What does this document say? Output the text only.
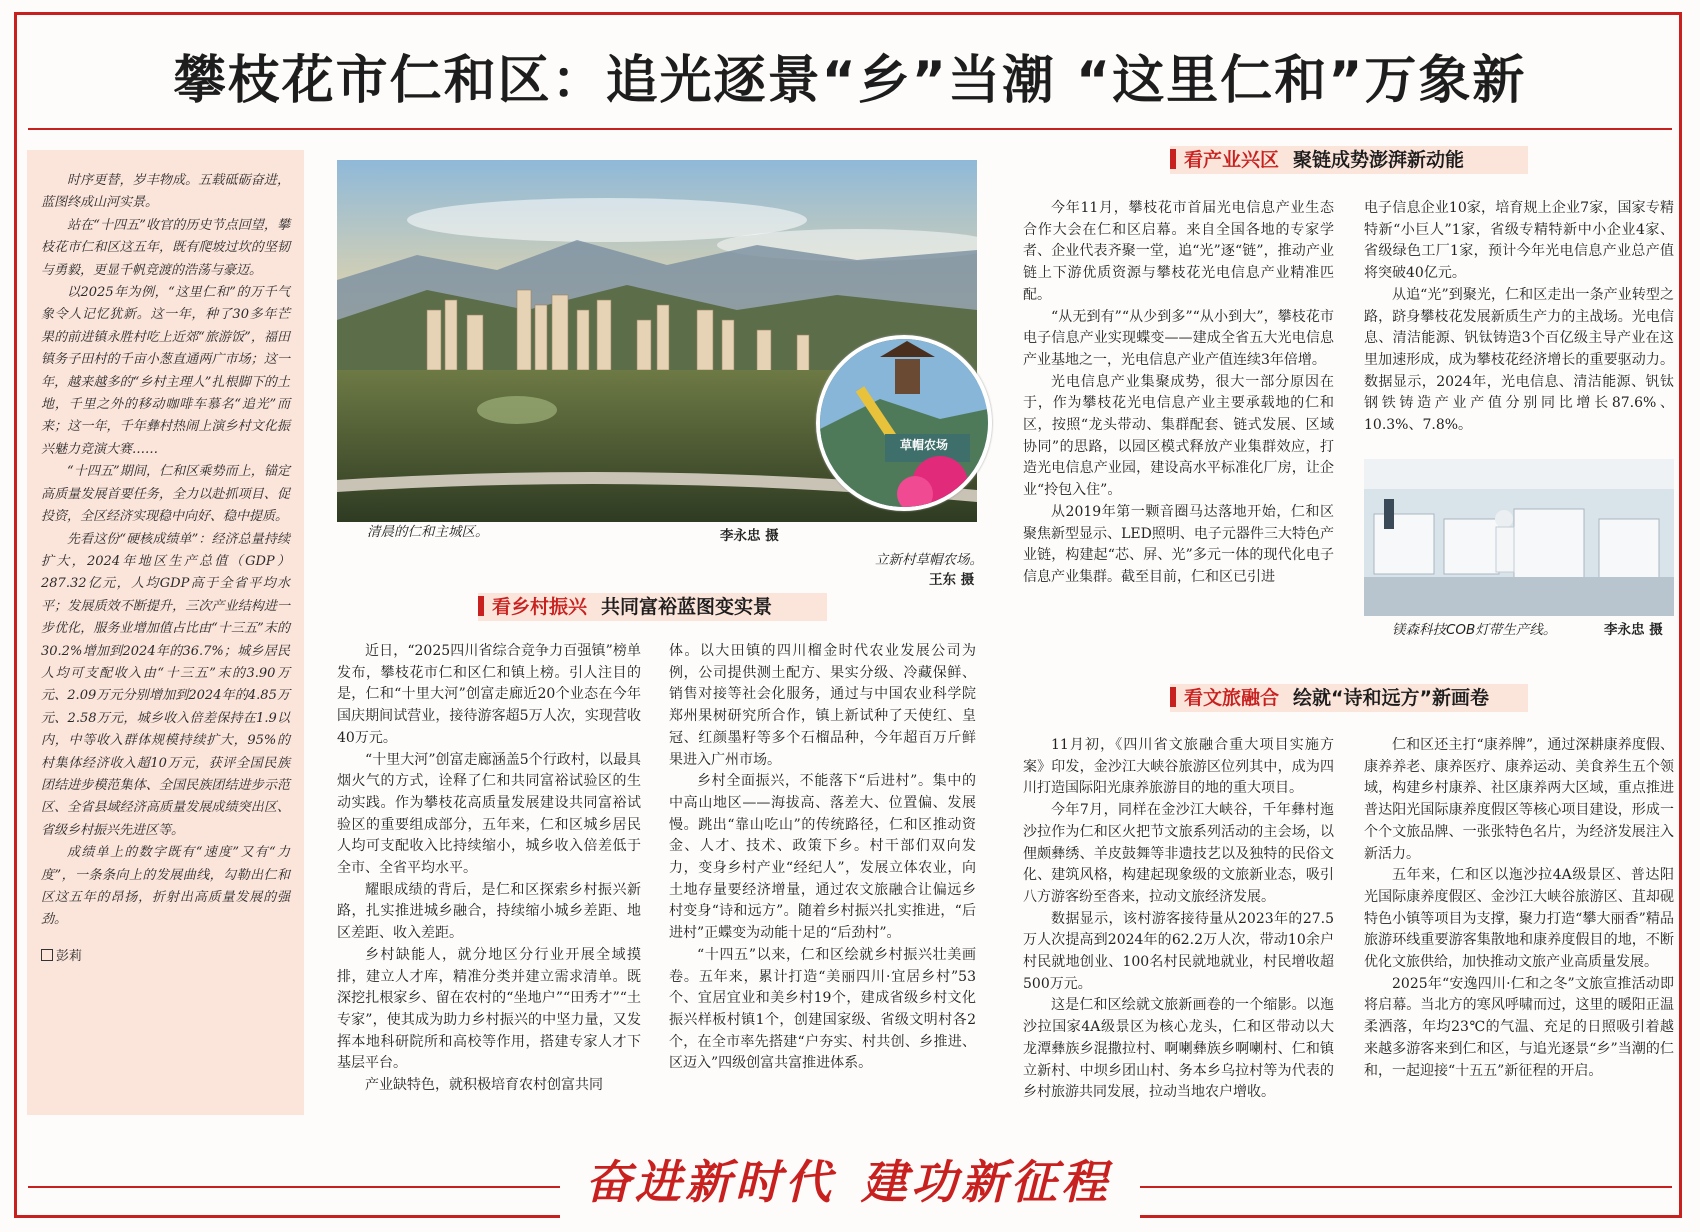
攀枝花市仁和区：追光逐景“乡”当潮 “这里仁和”万象新

时序更替，岁丰物成。五载砥砺奋进，蓝图终成山河实景。

站在“十四五”收官的历史节点回望，攀枝花市仁和区这五年，既有爬坡过坎的坚韧与勇毅，更显千帆竞渡的浩荡与豪迈。

以2025年为例，“这里仁和”的万千气象令人记忆犹新。这一年，种了30多年芒果的前进镇永胜村吃上近郊“旅游饭”，福田镇务子田村的千亩小葱直通两广市场；这一年，越来越多的“乡村主理人”扎根脚下的土地，千里之外的移动咖啡车慕名“追光”而来；这一年，千年彝村热闹上演乡村文化振兴魅力竞演大赛……

“十四五”期间，仁和区乘势而上，锚定高质量发展首要任务，全力以赴抓项目、促投资，全区经济实现稳中向好、稳中提质。

先看这份“硬核成绩单”：经济总量持续扩大，2024年地区生产总值（GDP）287.32亿元，人均GDP高于全省平均水平；发展质效不断提升，三次产业结构进一步优化，服务业增加值占比由“十三五”末的30.2%增加到2024年的36.7%；城乡居民人均可支配收入由“十三五”末的3.90万元、2.09万元分别增加到2024年的4.85万元、2.58万元，城乡收入倍差保持在1.9以内，中等收入群体规模持续扩大，95%的村集体经济收入超10万元，获评全国民族团结进步模范集体、全国民族团结进步示范区、全省县域经济高质量发展成绩突出区、省级乡村振兴先进区等。

成绩单上的数字既有“速度”又有“力度”，一条条向上的发展曲线，勾勒出仁和区这五年的昂扬，折射出高质量发展的强劲。

彭莉

清晨的仁和主城区。	李永忠 摄
草帽农场
立新村草帽农场。
王东 摄
看乡村振兴 共同富裕蓝图变实景

近日，“2025四川省综合竞争力百强镇”榜单发布，攀枝花市仁和区仁和镇上榜。引人注目的是，仁和“十里大河”创富走廊近20个业态在今年国庆期间试营业，接待游客超5万人次，实现营收40万元。

“十里大河”创富走廊涵盖5个行政村，以最具烟火气的方式，诠释了仁和共同富裕试验区的生动实践。作为攀枝花高质量发展建设共同富裕试验区的重要组成部分，五年来，仁和区城乡居民人均可支配收入比持续缩小，城乡收入倍差低于全市、全省平均水平。

耀眼成绩的背后，是仁和区探索乡村振兴新路，扎实推进城乡融合，持续缩小城乡差距、地区差距、收入差距。

乡村缺能人，就分地区分行业开展全域摸排，建立人才库，精准分类并建立需求清单。既深挖扎根家乡、留在农村的“坐地户”“田秀才”“土专家”，使其成为助力乡村振兴的中坚力量，又发挥本地科研院所和高校等作用，搭建专家人才下基层平台。

产业缺特色，就积极培育农村创富共同

体。以大田镇的四川榴金时代农业发展公司为例，公司提供测土配方、果实分级、冷藏保鲜、销售对接等社会化服务，通过与中国农业科学院郑州果树研究所合作，镇上新试种了天使红、皇冠、红颜墨籽等多个石榴品种，今年超百万斤鲜果进入广州市场。

乡村全面振兴，不能落下“后进村”。集中的中高山地区——海拔高、落差大、位置偏、发展慢。跳出“靠山吃山”的传统路径，仁和区推动资金、人才、技术、政策下乡。村干部们双向发力，变身乡村产业“经纪人”，发展立体农业，向土地存量要经济增量，通过农文旅融合让偏远乡村变身“诗和远方”。随着乡村振兴扎实推进，“后进村”正蝶变为动能十足的“后劲村”。

“十四五”以来，仁和区绘就乡村振兴壮美画卷。五年来，累计打造“美丽四川·宜居乡村”53个、宜居宜业和美乡村19个，建成省级乡村文化振兴样板村镇1个，创建国家级、省级文明村各2个，在全市率先搭建“户夯实、村共创、乡推进、区迈入”四级创富共富推进体系。

看产业兴区 聚链成势澎湃新动能

今年11月，攀枝花市首届光电信息产业生态合作大会在仁和区启幕。来自全国各地的专家学者、企业代表齐聚一堂，追“光”逐“链”，推动产业链上下游优质资源与攀枝花光电信息产业精准匹配。

“从无到有”“从少到多”“从小到大”，攀枝花市电子信息产业实现蝶变——建成全省五大光电信息产业基地之一，光电信息产业产值连续3年倍增。

光电信息产业集聚成势，很大一部分原因在于，作为攀枝花光电信息产业主要承载地的仁和区，按照“龙头带动、集群配套、链式发展、区域协同”的思路，以园区模式释放产业集群效应，打造光电信息产业园，建设高水平标准化厂房，让企业“拎包入住”。

从2019年第一颗音圈马达落地开始，仁和区聚焦新型显示、LED照明、电子元器件三大特色产业链，构建起“芯、屏、光”多元一体的现代化电子信息产业集群。截至目前，仁和区已引进

电子信息企业10家，培育规上企业7家，国家专精特新“小巨人”1家，省级专精特新中小企业4家、省级绿色工厂1家，预计今年光电信息产业总产值将突破40亿元。

从追“光”到聚光，仁和区走出一条产业转型之路，跻身攀枝花发展新质生产力的主战场。光电信息、清洁能源、钒钛铸造3个百亿级主导产业在这里加速形成，成为攀枝花经济增长的重要驱动力。数据显示，2024年，光电信息、清洁能源、钒钛钢铁铸造产业产值分别同比增长87.6%、10.3%、7.8%。

镁森科技COB灯带生产线。	李永忠 摄
看文旅融合 绘就“诗和远方”新画卷

11月初，《四川省文旅融合重大项目实施方案》印发，金沙江大峡谷旅游区位列其中，成为四川打造国际阳光康养旅游目的地的重大项目。

今年7月，同样在金沙江大峡谷，千年彝村迤沙拉作为仁和区火把节文旅系列活动的主会场，以俚颇彝绣、羊皮鼓舞等非遗技艺以及独特的民俗文化、建筑风格，构建起现象级的文旅新业态，吸引八方游客纷至沓来，拉动文旅经济发展。

数据显示，该村游客接待量从2023年的27.5万人次提高到2024年的62.2万人次，带动10余户村民就地创业、100名村民就地就业，村民增收超500万元。

这是仁和区绘就文旅新画卷的一个缩影。以迤沙拉国家4A级景区为核心龙头，仁和区带动以大龙潭彝族乡混撒拉村、啊喇彝族乡啊喇村、仁和镇立新村、中坝乡团山村、务本乡乌拉村等为代表的乡村旅游共同发展，拉动当地农户增收。

仁和区还主打“康养牌”，通过深耕康养度假、康养养老、康养医疗、康养运动、美食养生五个领域，构建乡村康养、社区康养两大区域，重点推进普达阳光国际康养度假区等核心项目建设，形成一个个文旅品牌、一张张特色名片，为经济发展注入新活力。

五年来，仁和区以迤沙拉4A级景区、普达阳光国际康养度假区、金沙江大峡谷旅游区、苴却砚特色小镇等项目为支撑，聚力打造“攀大丽香”精品旅游环线重要游客集散地和康养度假目的地，不断优化文旅供给，加快推动文旅产业高质量发展。

2025年“安逸四川·仁和之冬”文旅宣推活动即将启幕。当北方的寒风呼啸而过，这里的暖阳正温柔洒落，年均23℃的气温、充足的日照吸引着越来越多游客来到仁和区，与追光逐景“乡”当潮的仁和，一起迎接“十五五”新征程的开启。

奋进新时代 建功新征程
